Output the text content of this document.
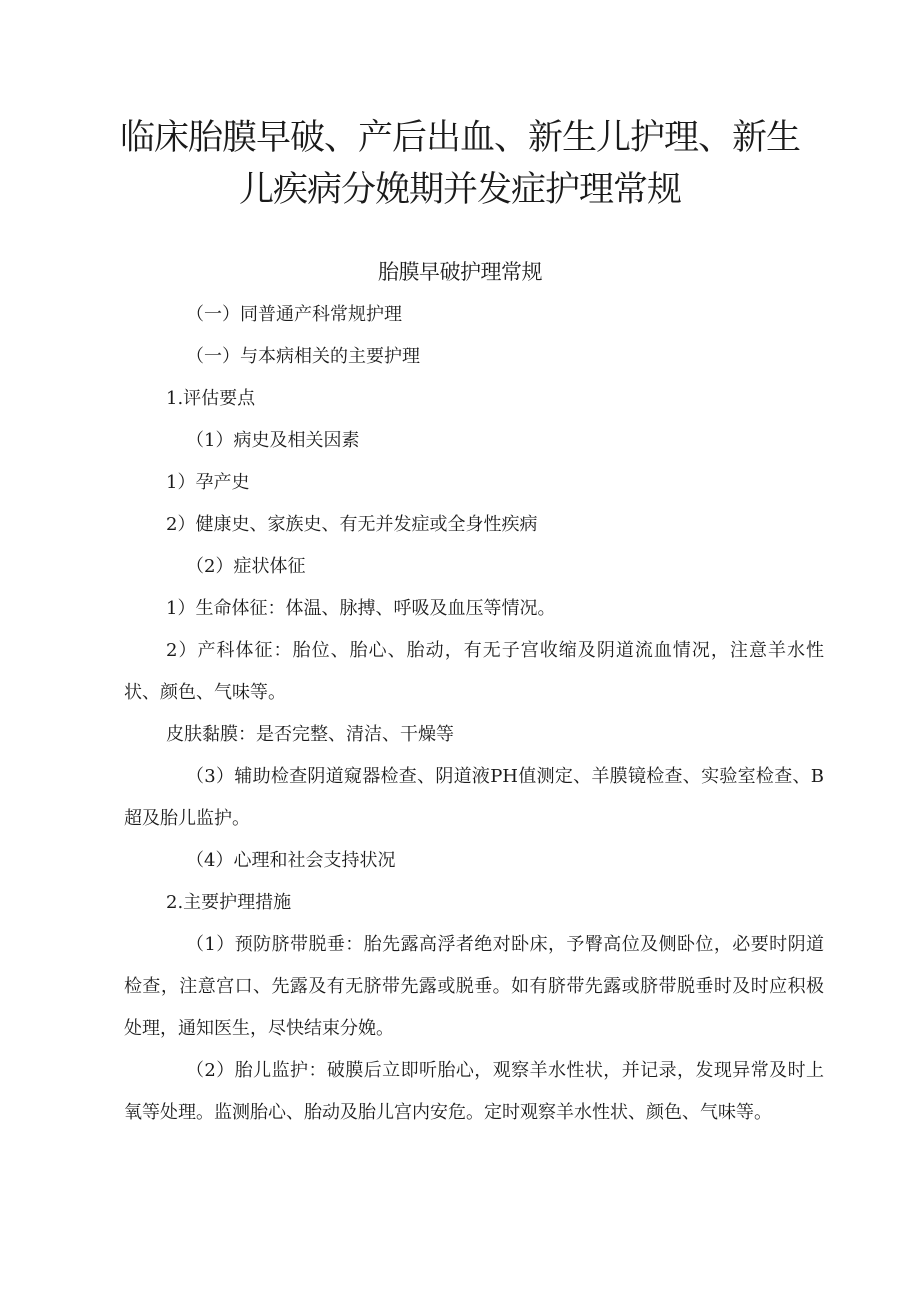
临床胎膜早破、产后出血、新生儿护理、新生
儿疾病分娩期并发症护理常规
胎膜早破护理常规

（一）同普通产科常规护理

（一）与本病相关的主要护理

1.评估要点

（1）病史及相关因素

1）孕产史

2）健康史、家族史、有无并发症或全身性疾病

（2）症状体征

1）生命体征：体温、脉搏、呼吸及血压等情况。

2）产科体征：胎位、胎心、胎动，有无子宫收缩及阴道流血情况，注意羊水性状、颜色、气味等。

皮肤黏膜：是否完整、清洁、干燥等

（3）辅助检查阴道窥器检查、阴道液PH值测定、羊膜镜检查、实验室检查、B超及胎儿监护。

（4）心理和社会支持状况

2.主要护理措施

（1）预防脐带脱垂：胎先露高浮者绝对卧床，予臀高位及侧卧位，必要时阴道检查，注意宫口、先露及有无脐带先露或脱垂。如有脐带先露或脐带脱垂时及时应积极处理，通知医生，尽快结束分娩。

（2）胎儿监护：破膜后立即听胎心，观察羊水性状，并记录，发现异常及时上氧等处理。监测胎心、胎动及胎儿宫内安危。定时观察羊水性状、颜色、气味等。
